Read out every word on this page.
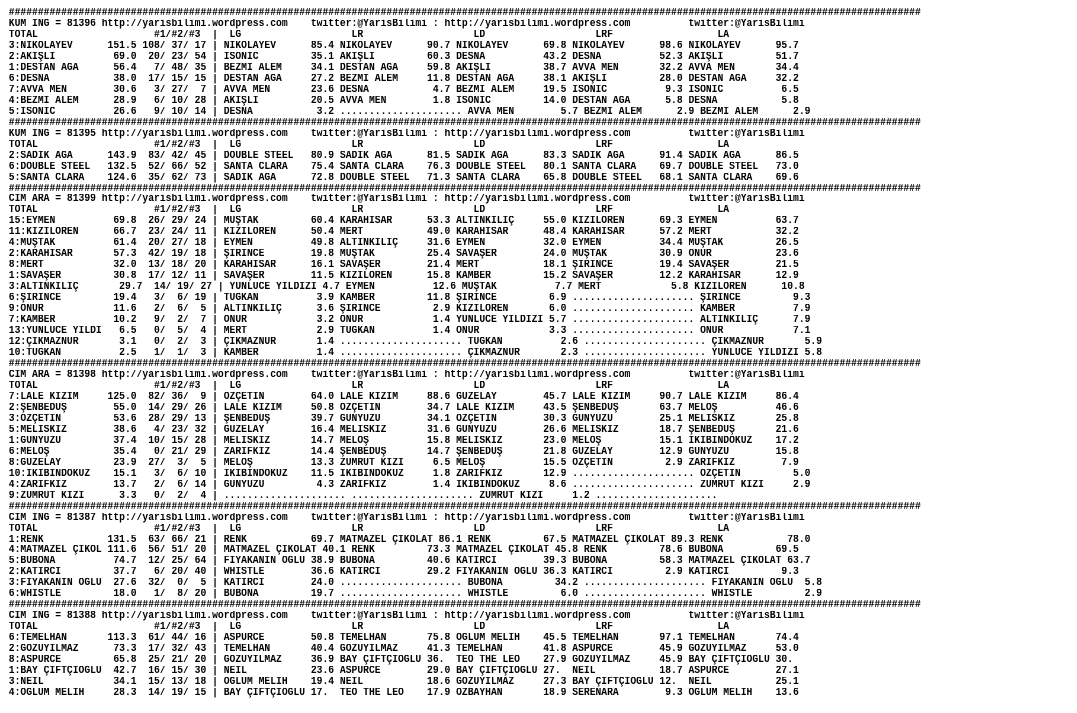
#############################################################################################################################################################
KUM ING = 81396 http://yarisbilimi.wordpress.com    twitter:@YarisBilimi : http://yarisbilimi.wordpress.com          twitter:@YarisBilimi
TOTAL                    #1/#2/#3  |  LG                   LR                   LD                   LRF                  LA
3:NIKOLAYEV      151.5 108/ 37/ 17 | NIKOLAYEV      85.4 NIKOLAYEV      90.7 NIKOLAYEV      69.8 NIKOLAYEV      98.6 NIKOLAYEV      95.7
2:AKIŞLI          69.0  20/ 23/ 54 | ISONIC         35.1 AKIŞLI         60.3 DESNA          43.2 DESNA          52.3 AKIŞLI         51.7
1:DESTAN AGA      56.4   7/ 48/ 35 | BEZMİ ALEM     34.1 DESTAN AGA     59.8 AKIŞLI         38.7 AVVA MEN       32.2 AVVA MEN       34.4
6:DESNA           38.0  17/ 15/ 15 | DESTAN AGA     27.2 BEZMİ ALEM     11.8 DESTAN AGA     38.1 AKIŞLI         28.0 DESTAN AGA     32.2
7:AVVA MEN        30.6   3/ 27/  7 | AVVA MEN       23.6 DESNA           4.7 BEZMİ ALEM     19.5 ISONIC          9.3 ISONIC          6.5
4:BEZMİ ALEM      28.9   6/ 10/ 28 | AKIŞLI         20.5 AVVA MEN        1.8 ISONIC         14.0 DESTAN AGA      5.8 DESNA           5.8
5:ISONIC          26.6   9/ 10/ 14 | DESNA           3.2 ..................... AVVA MEN        5.7 BEZMİ ALEM      2.9 BEZMİ ALEM      2.9
#############################################################################################################################################################
KUM ING = 81395 http://yarisbilimi.wordpress.com    twitter:@YarisBilimi : http://yarisbilimi.wordpress.com          twitter:@YarisBilimi
TOTAL                    #1/#2/#3  |  LG                   LR                   LD                   LRF                  LA
2:SADIK AĞA      143.9  83/ 42/ 45 | DOUBLE STEEL   80.9 SADIK AĞA      81.5 SADIK AĞA      83.3 SADIK AĞA      91.4 SADIK AĞA      86.5
6:DOUBLE STEEL   132.5  52/ 66/ 52 | SANTA CLARA    75.4 SANTA CLARA    76.3 DOUBLE STEEL   80.1 SANTA CLARA    69.7 DOUBLE STEEL   73.0
5:SANTA CLARA    124.6  35/ 62/ 73 | SADIK AĞA      72.8 DOUBLE STEEL   71.3 SANTA CLARA    65.8 DOUBLE STEEL   68.1 SANTA CLARA    69.6
#############################################################################################################################################################
CIM ARA = 81399 http://yarisbilimi.wordpress.com    twitter:@YarisBilimi : http://yarisbilimi.wordpress.com          twitter:@YarisBilimi
TOTAL                    #1/#2/#3  |  LG                   LR                   LD                   LRF                  LA
15:EYMEN          69.8  26/ 29/ 24 | MÜŞTAK         60.4 KARAHİSAR      53.3 ALTINKILIÇ     55.0 KIZILÖREN      69.3 EYMEN          63.7
11:KIZILÖREN      66.7  23/ 24/ 11 | KIZILÖREN      50.4 MERT           49.0 KARAHİSAR      48.4 KARAHİSAR      57.2 MERT           32.2
4:MÜŞTAK          61.4  20/ 27/ 18 | EYMEN          49.8 ALTINKILIÇ     31.6 EYMEN          32.0 EYMEN          34.4 MÜŞTAK         26.5
2:KARAHİSAR       57.3  42/ 19/ 18 | ŞİRİNCE        19.8 MÜŞTAK         25.4 SAVAŞER        24.0 MÜŞTAK         30.9 ONUR           23.6
8:MERT            32.0  13/ 18/ 20 | KARAHİSAR      16.1 SAVAŞER        21.4 MERT           18.1 ŞİRİNCE        19.4 SAVAŞER        21.5
1:SAVAŞER         30.8  17/ 12/ 11 | SAVAŞER        11.5 KIZILÖREN      15.8 KAMBER         15.2 SAVAŞER        12.2 KARAHİSAR      12.9
3:ALTINKILIÇ       29.7  14/ 19/ 27 | YÜNLÜCE YILDIZI 4.7 EYMEN          12.6 MÜŞTAK          7.7 MERT            5.8 KIZILÖREN      10.8
6:ŞİRİNCE         19.4   3/  6/ 19 | TUĞKAN          3.9 KAMBER         11.8 ŞİRİNCE         6.9 ..................... ŞİRİNCE         9.3
9:ONUR            11.6   2/  6/  5 | ALTINKILIÇ      3.6 ŞİRİNCE         2.9 KIZILÖREN       6.0 ..................... KAMBER          7.9
7:KAMBER          10.2   9/  2/  7 | ONUR            3.2 ONUR            1.4 YÜNLÜCE YILDIZI 5.7 ..................... ALTINKILIÇ      7.9
13:YÜNLÜCE YILDI   6.5   0/  5/  4 | MERT            2.9 TUĞKAN          1.4 ONUR            3.3 ..................... ONUR            7.1
12:ÇIKMAZNUR       3.1   0/  2/  3 | ÇIKMAZNUR       1.4 ..................... TUĞKAN          2.6 ..................... ÇIKMAZNUR       5.9
10:TUĞKAN          2.5   1/  1/  3 | KAMBER          1.4 ..................... ÇIKMAZNUR       2.3 ..................... YÜNLÜCE YILDIZI 5.8
#############################################################################################################################################################
CIM ARA = 81398 http://yarisbilimi.wordpress.com    twitter:@YarisBilimi : http://yarisbilimi.wordpress.com          twitter:@YarisBilimi
TOTAL                    #1/#2/#3  |  LG                   LR                   LD                   LRF                  LA
7:LALE KIZIM     125.0  82/ 36/  9 | ÖZÇETİN        64.0 LALE KIZIM     88.6 GÜZELAY        45.7 LALE KIZIM     90.7 LALE KIZIM     86.4
2:ŞENBEDÜŞ        55.0  14/ 29/ 26 | LALE KIZIM     50.8 ÖZÇETİN        34.7 LALE KIZIM     43.5 ŞENBEDÜŞ       63.7 MELOŞ          46.6
3:ÖZÇETİN         53.6  28/ 29/ 13 | ŞENBEDÜŞ       39.7 GÜNYÜZÜ        34.1 ÖZÇETİN        30.3 GÜNYÜZÜ        25.1 MELİSKIZ       25.8
5:MELİSKIZ        38.6   4/ 23/ 32 | GÜZELAY        16.4 MELİSKIZ       31.6 GÜNYÜZÜ        26.6 MELİSKIZ       18.7 ŞENBEDÜŞ       21.6
1:GÜNYÜZÜ         37.4  10/ 15/ 28 | MELİSKIZ       14.7 MELOŞ          15.8 MELİSKIZ       23.0 MELOŞ          15.1 İKİBİNDOKUZ    17.2
6:MELOŞ           35.4   0/ 21/ 29 | ZARİFKIZ       14.4 ŞENBEDÜŞ       14.7 ŞENBEDÜŞ       21.8 GÜZELAY        12.9 GÜNYÜZÜ        15.8
8:GÜZELAY         23.9  27/  3/  5 | MELOŞ          13.3 ZÜMRÜT KIZI     6.5 MELOŞ          15.5 ÖZÇETİN         2.9 ZARİFKIZ        7.9
10:İKİBİNDOKUZ    15.1   3/  6/ 10 | İKİBİNDOKUZ    11.5 İKİBİNDOKUZ     1.8 ZARİFKIZ       12.9 ..................... ÖZÇETİN         5.0
4:ZARİFKIZ        13.7   2/  6/ 14 | GÜNYÜZÜ         4.3 ZARİFKIZ        1.4 İKİBİNDOKUZ     8.6 ..................... ZÜMRÜT KIZI     2.9
9:ZÜMRÜT KIZI      3.3   0/  2/  4 | ..................... ..................... ZÜMRÜT KIZI     1.2 .....................
#############################################################################################################################################################
CIM ING = 81387 http://yarisbilimi.wordpress.com    twitter:@YarisBilimi : http://yarisbilimi.wordpress.com          twitter:@YarisBilimi
TOTAL                    #1/#2/#3  |  LG                   LR                   LD                   LRF                  LA
1:RENK           131.5  63/ 66/ 21 | RENK           69.7 MATMAZEL ÇİKOLAT 86.1 RENK         67.5 MATMAZEL ÇİKOLAT 89.3 RENK           78.0
4:MATMAZEL ÇİKOL 111.6  56/ 51/ 20 | MATMAZEL ÇİKOLAT 40.1 RENK         73.3 MATMAZEL ÇİKOLAT 45.8 RENK         78.6 BUBONA         69.5
5:BUBONA          74.7  12/ 25/ 64 | FİYAKANIN OĞLU 38.9 BUBONA         40.6 KATIRCI        39.3 BUBONA         58.3 MATMAZEL ÇİKOLAT 63.7
2:KATIRCI         37.7   6/ 20/ 40 | WHISTLE        36.6 KATIRCI        29.2 FİYAKANIN OĞLU 36.3 KATIRCI         2.9 KATIRCI         9.3
3:FİYAKANIN OĞLU  27.6  32/  0/  5 | KATIRCI        24.0 ..................... BUBONA         34.2 ..................... FİYAKANIN OĞLU  5.8
6:WHISTLE         18.0   1/  8/ 20 | BUBONA         19.7 ..................... WHISTLE         6.0 ..................... WHISTLE         2.9
#############################################################################################################################################################
CIM ING = 81388 http://yarisbilimi.wordpress.com    twitter:@YarisBilimi : http://yarisbilimi.wordpress.com          twitter:@YarisBilimi
TOTAL                    #1/#2/#3  |  LG                   LR                   LD                   LRF                  LA
6:TEMELHAN       113.3  61/ 44/ 16 | ASPURCE        50.8 TEMELHAN       75.8 OĞLUM MELİH    45.5 TEMELHAN       97.1 TEMELHAN       74.4
2:GÖZÜYILMAZ      73.3  17/ 32/ 43 | TEMELHAN       40.4 GÖZÜYILMAZ     41.3 TEMELHAN       41.8 ASPURCE        45.9 GÖZÜYILMAZ     53.0
8:ASPURCE         65.8  25/ 21/ 20 | GÖZÜYILMAZ     36.9 BAY ÇİFTÇİOĞLU 36.  TEO THE LEO    27.9 GÖZÜYILMAZ     45.9 BAY ÇİFTÇİOĞLU 30.
1:BAY ÇİFTÇİOĞLU  42.7  16/ 15/ 30 | NEİL           23.6 ASPURCE        29.0 BAY ÇİFTÇİOĞLU 27.  NEİL           18.7 ASPURCE        27.1
3:NEİL            34.1  15/ 13/ 18 | OĞLUM MELİH    19.4 NEİL           18.6 GÖZÜYILMAZ     27.3 BAY ÇİFTÇİOĞLU 12.  NEİL           25.1
4:OĞLUM MELİH     28.3  14/ 19/ 15 | BAY ÇİFTÇİOĞLU 17.  TEO THE LEO    17.9 ÖZBAYHAN       18.9 SERENARA        9.3 OĞLUM MELİH    13.6
